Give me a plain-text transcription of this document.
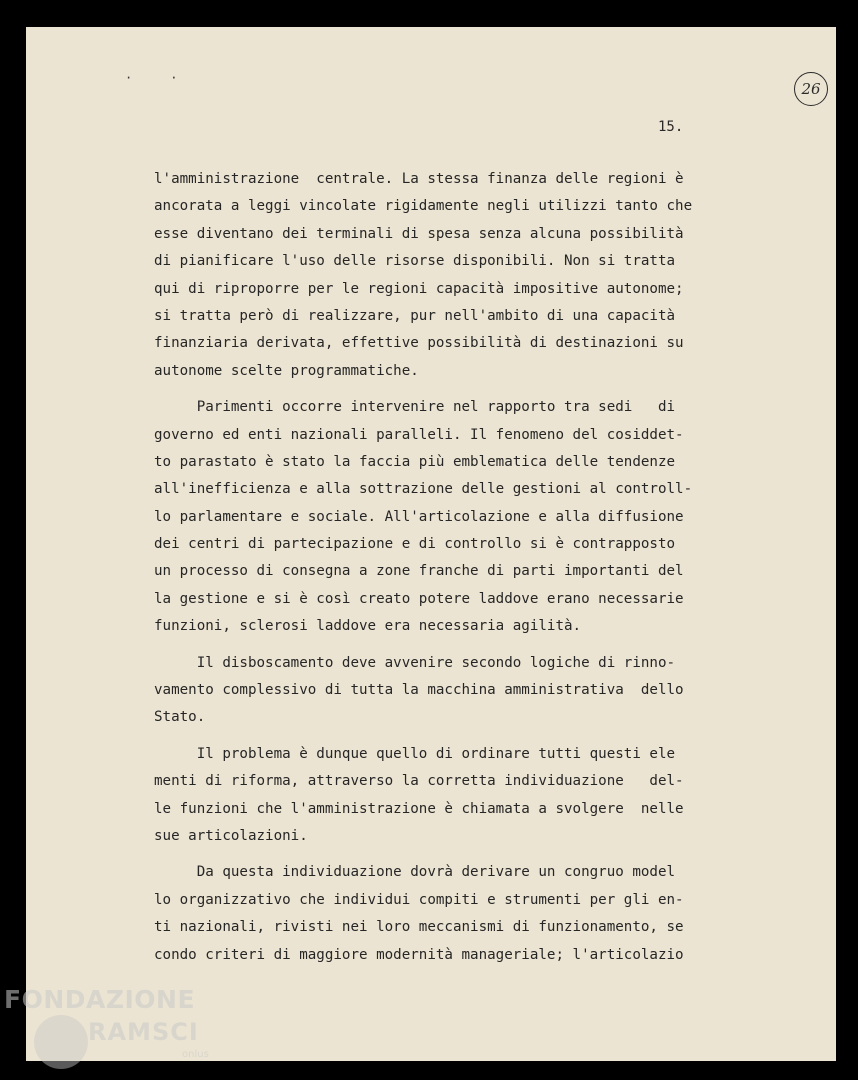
··
26
15.
l'amministrazione  centrale. La stessa finanza delle regioni è
ancorata a leggi vincolate rigidamente negli utilizzi tanto che
esse diventano dei terminali di spesa senza alcuna possibilità
di pianificare l'uso delle risorse disponibili. Non si tratta
qui di riproporre per le regioni capacità impositive autonome;
si tratta però di realizzare, pur nell'ambito di una capacità
finanziaria derivata, effettive possibilità di destinazioni su
autonome scelte programmatiche.
Parimenti occorre intervenire nel rapporto tra sedi   di
governo ed enti nazionali paralleli. Il fenomeno del cosiddet-
to parastato è stato la faccia più emblematica delle tendenze
all'inefficienza e alla sottrazione delle gestioni al controll-
lo parlamentare e sociale. All'articolazione e alla diffusione
dei centri di partecipazione e di controllo si è contrapposto
un processo di consegna a zone franche di parti importanti del
la gestione e si è così creato potere laddove erano necessarie
funzioni, sclerosi laddove era necessaria agilità.
Il disboscamento deve avvenire secondo logiche di rinno-
vamento complessivo di tutta la macchina amministrativa  dello
Stato.
Il problema è dunque quello di ordinare tutti questi ele
menti di riforma, attraverso la corretta individuazione   del-
le funzioni che l'amministrazione è chiamata a svolgere  nelle
sue articolazioni.
Da questa individuazione dovrà derivare un congruo model
lo organizzativo che individui compiti e strumenti per gli en-
ti nazionali, rivisti nei loro meccanismi di funzionamento, se
condo criteri di maggiore modernità manageriale; l'articolazio
FONDAZIONE
RAMSCI
onlus
